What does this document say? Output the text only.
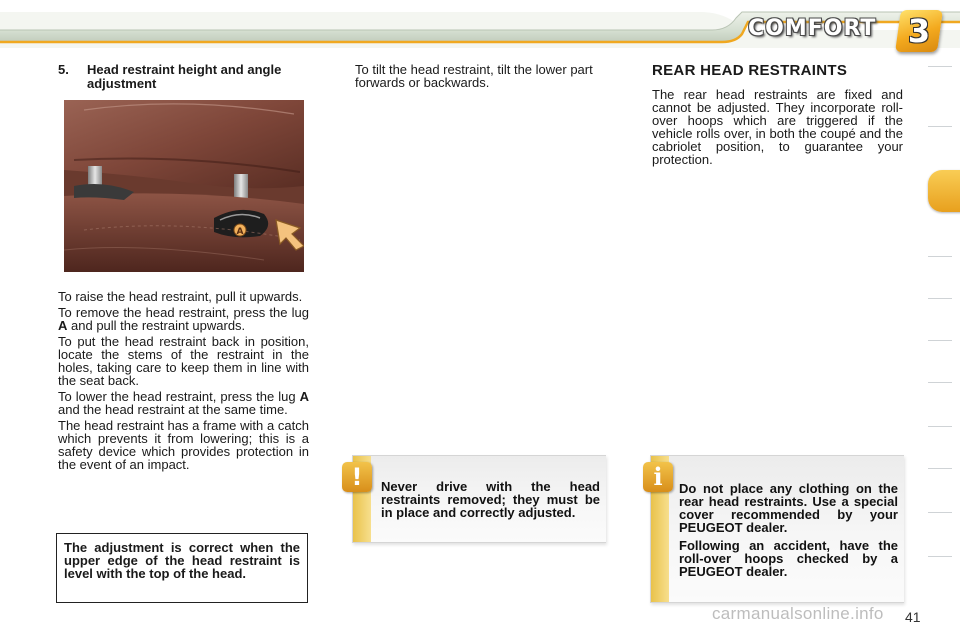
COMFORT 3
5. Head restraint height and angle adjustment
A

To raise the head restraint, pull it upwards.

To remove the head restraint, press the lug A and pull the restraint upwards.

To put the head restraint back in position, locate the stems of the restraint in the holes, taking care to keep them in line with the seat back.

To lower the head restraint, press the lug A and the head restraint at the same time.

The head restraint has a frame with a catch which prevents it from lowering; this is a safety device which provides protection in the event of an impact.

The adjustment is correct when the upper edge of the head restraint is level with the top of the head.
To tilt the head restraint, tilt the lower part forwards or backwards.
REAR HEAD RESTRAINTS
The rear head restraints are fixed and cannot be adjusted. They incorporate roll-over hoops which are triggered if the vehicle rolls over, in both the coupé and the cabriolet position, to guarantee your protection.

Never drive with the head restraints removed; they must be in place and correctly adjusted.

!	Do not place any clothing on the rear head restraints. Use a special cover recommended by your PEUGEOT dealer.

Following an accident, have the roll-over hoops checked by a PEUGEOT dealer.

i
41
carmanualsonline.info
